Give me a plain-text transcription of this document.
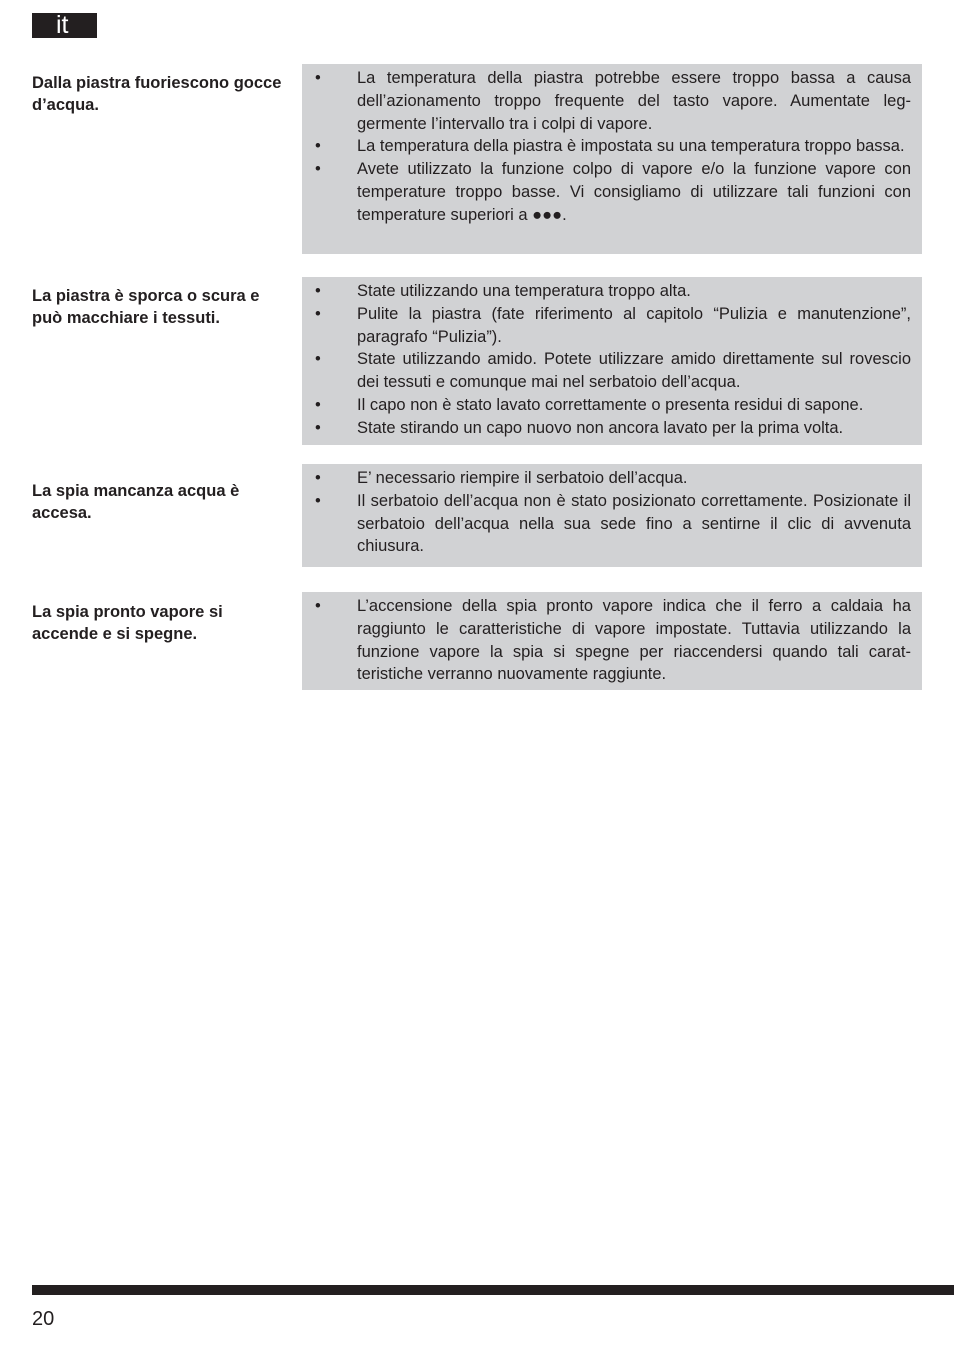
it
Dalla piastra fuoriescono gocce d’acqua.
• La temperatura della piastra potrebbe essere troppo bassa a causa dell’azionamento troppo frequente del tasto vapore. Aumentate leggermente l’intervallo tra i colpi di vapore.
• La temperatura della piastra è impostata su una temperatura troppo bassa.
• Avete utilizzato la funzione colpo di vapore e/o la funzione vapore con temperature troppo basse. Vi consigliamo di utilizzare tali funzioni con temperature superiori a ●●●.
La piastra è sporca o scura e può macchiare i tessuti.
• State utilizzando una temperatura troppo alta.
• Pulite la piastra (fate riferimento al capitolo “Pulizia e manutenzione”, paragrafo “Pulizia”).
• State utilizzando amido. Potete utilizzare amido direttamente sul rovescio dei tessuti e comunque mai nel serbatoio dell’acqua.
• Il capo non è stato lavato correttamente o presenta residui di sapone.
• State stirando un capo nuovo non ancora lavato per la prima volta.
La spia mancanza acqua è accesa.
• E’ necessario riempire il serbatoio dell’acqua.
• Il serbatoio dell’acqua non è stato posizionato correttamente. Posizionate il serbatoio dell’acqua nella sua sede fino a sentirne il clic di avvenuta chiusura.
La spia pronto vapore si accende e si spegne.
• L’accensione della spia pronto vapore indica che il ferro a caldaia ha raggiunto le caratteristiche di vapore impostate. Tuttavia utilizzando la funzione vapore la spia si spegne per riaccendersi quando tali caratteristiche verranno nuovamente raggiunte.
20
